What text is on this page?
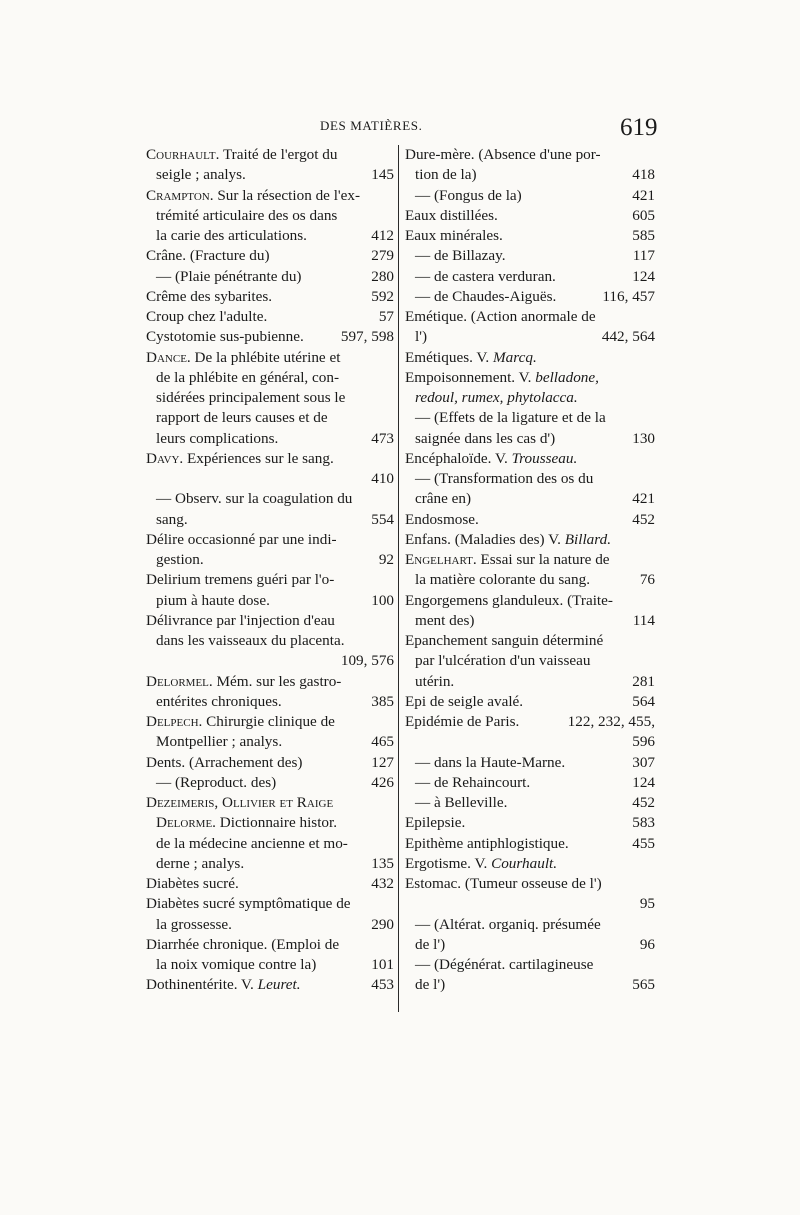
DES MATIÈRES.	619
Courhault. Traité de l'ergot du
seigle ; analys.	145
Crampton. Sur la résection de l'ex-
trémité articulaire des os dans
la carie des articulations.	412
Crâne. (Fracture du)	279
— (Plaie pénétrante du)	280
Crême des sybarites.	592
Croup chez l'adulte.	57
Cystotomie sus-pubienne. 597, 598
Dance. De la phlébite utérine et
de la phlébite en général, con-
sidérées principalement sous le
rapport de leurs causes et de
leurs complications.	473
Davy. Expériences sur le sang.
410
— Observ. sur la coagulation du
sang.	554
Délire occasionné par une indi-
gestion.	92
Delirium tremens guéri par l'o-
pium à haute dose.	100
Délivrance par l'injection d'eau
dans les vaisseaux du placenta.
109, 576
Delormel. Mém. sur les gastro-
entérites chroniques.	385
Delpech. Chirurgie clinique de
Montpellier ; analys.	465
Dents. (Arrachement des)	127
— (Reproduct. des)	426
Dezeimeris, Ollivier et Raige
Delorme. Dictionnaire histor.
de la médecine ancienne et mo-
derne ; analys.	135
Diabètes sucré.	432
Diabètes sucré symptômatique de
la grossesse.	290
Diarrhée chronique. (Emploi de
la noix vomique contre la)	101
Dothinentérite. V. Leuret.	453
Dure-mère. (Absence d'une por-
tion de la)	418
— (Fongus de la)	421
Eaux distillées.	605
Eaux minérales.	585
— de Billazay.	117
— de castera verduran.	124
— de Chaudes-Aiguës.	116, 457
Emétique. (Action anormale de
l')	442, 564
Emétiques. V. Marcq.
Empoisonnement. V. belladone,
redoul, rumex, phytolacca.
— (Effets de la ligature et de la
saignée dans les cas d')	130
Encéphaloïde. V. Trousseau.
— (Transformation des os du
crâne en)	421
Endosmose.	452
Enfans. (Maladies des) V. Billard.
Engelhart. Essai sur la nature de
la matière colorante du sang.	76
Engorgemens glanduleux. (Traite-
ment des)	114
Epanchement sanguin déterminé
par l'ulcération d'un vaisseau
utérin.	281
Epi de seigle avalé.	564
Epidémie de Paris.	122, 232, 455,
596
— dans la Haute-Marne.	307
— de Rehaincourt.	124
— à Belleville.	452
Epilepsie.	583
Epithème antiphlogistique.	455
Ergotisme. V. Courhault.
Estomac. (Tumeur osseuse de l')
95
— (Altérat. organiq. présumée
de l')	96
— (Dégénérat. cartilagineuse
de l')	565
